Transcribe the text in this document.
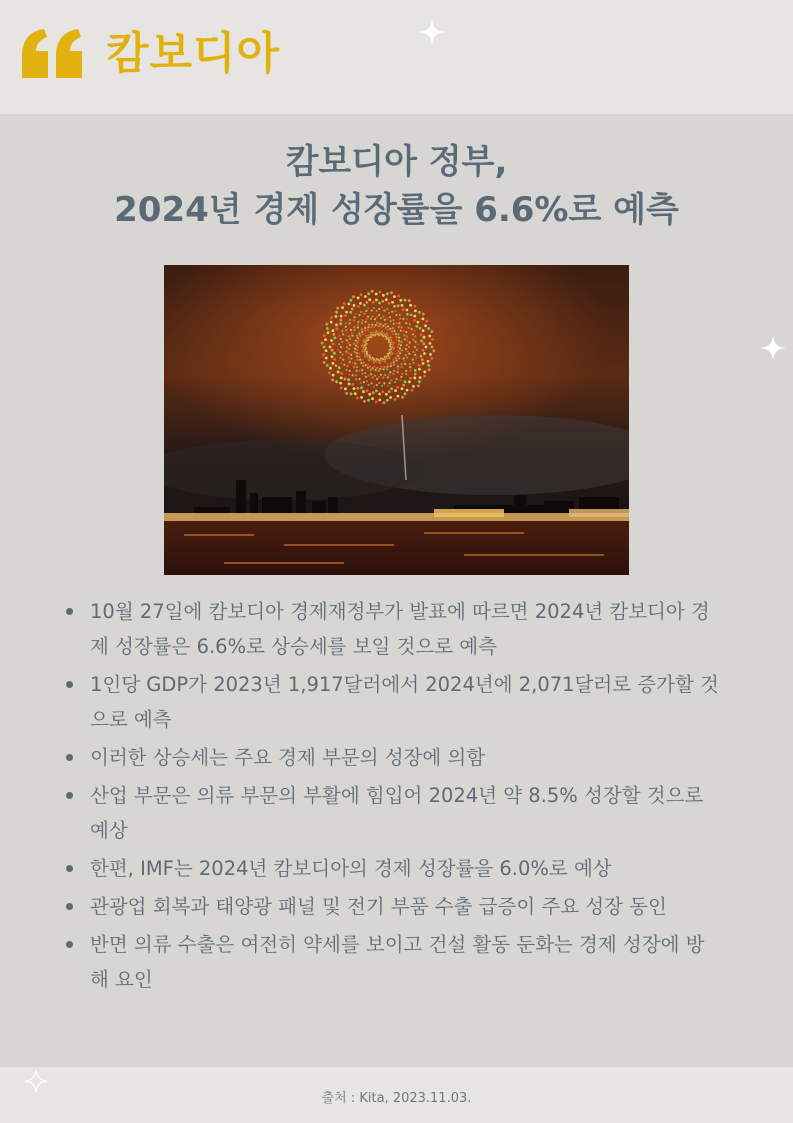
캄보디아
캄보디아 정부,
2024년 경제 성장률을 6.6%로 예측
10월 27일에 캄보디아 경제재정부가 발표에 따르면 2024년 캄보디아 경제 성장률은 6.6%로 상승세를 보일 것으로 예측
1인당 GDP가 2023년 1,917달러에서 2024년에 2,071달러로 증가할 것으로 예측
이러한 상승세는 주요 경제 부문의 성장에 의함
산업 부문은 의류 부문의 부활에 힘입어 2024년 약 8.5% 성장할 것으로 예상
한편, IMF는 2024년 캄보디아의 경제 성장률을 6.0%로 예상
관광업 회복과 태양광 패널 및 전기 부품 수출 급증이 주요 성장 동인
반면 의류 수출은 여전히 약세를 보이고 건설 활동 둔화는 경제 성장에 방해 요인
출처 : Kita, 2023.11.03.
